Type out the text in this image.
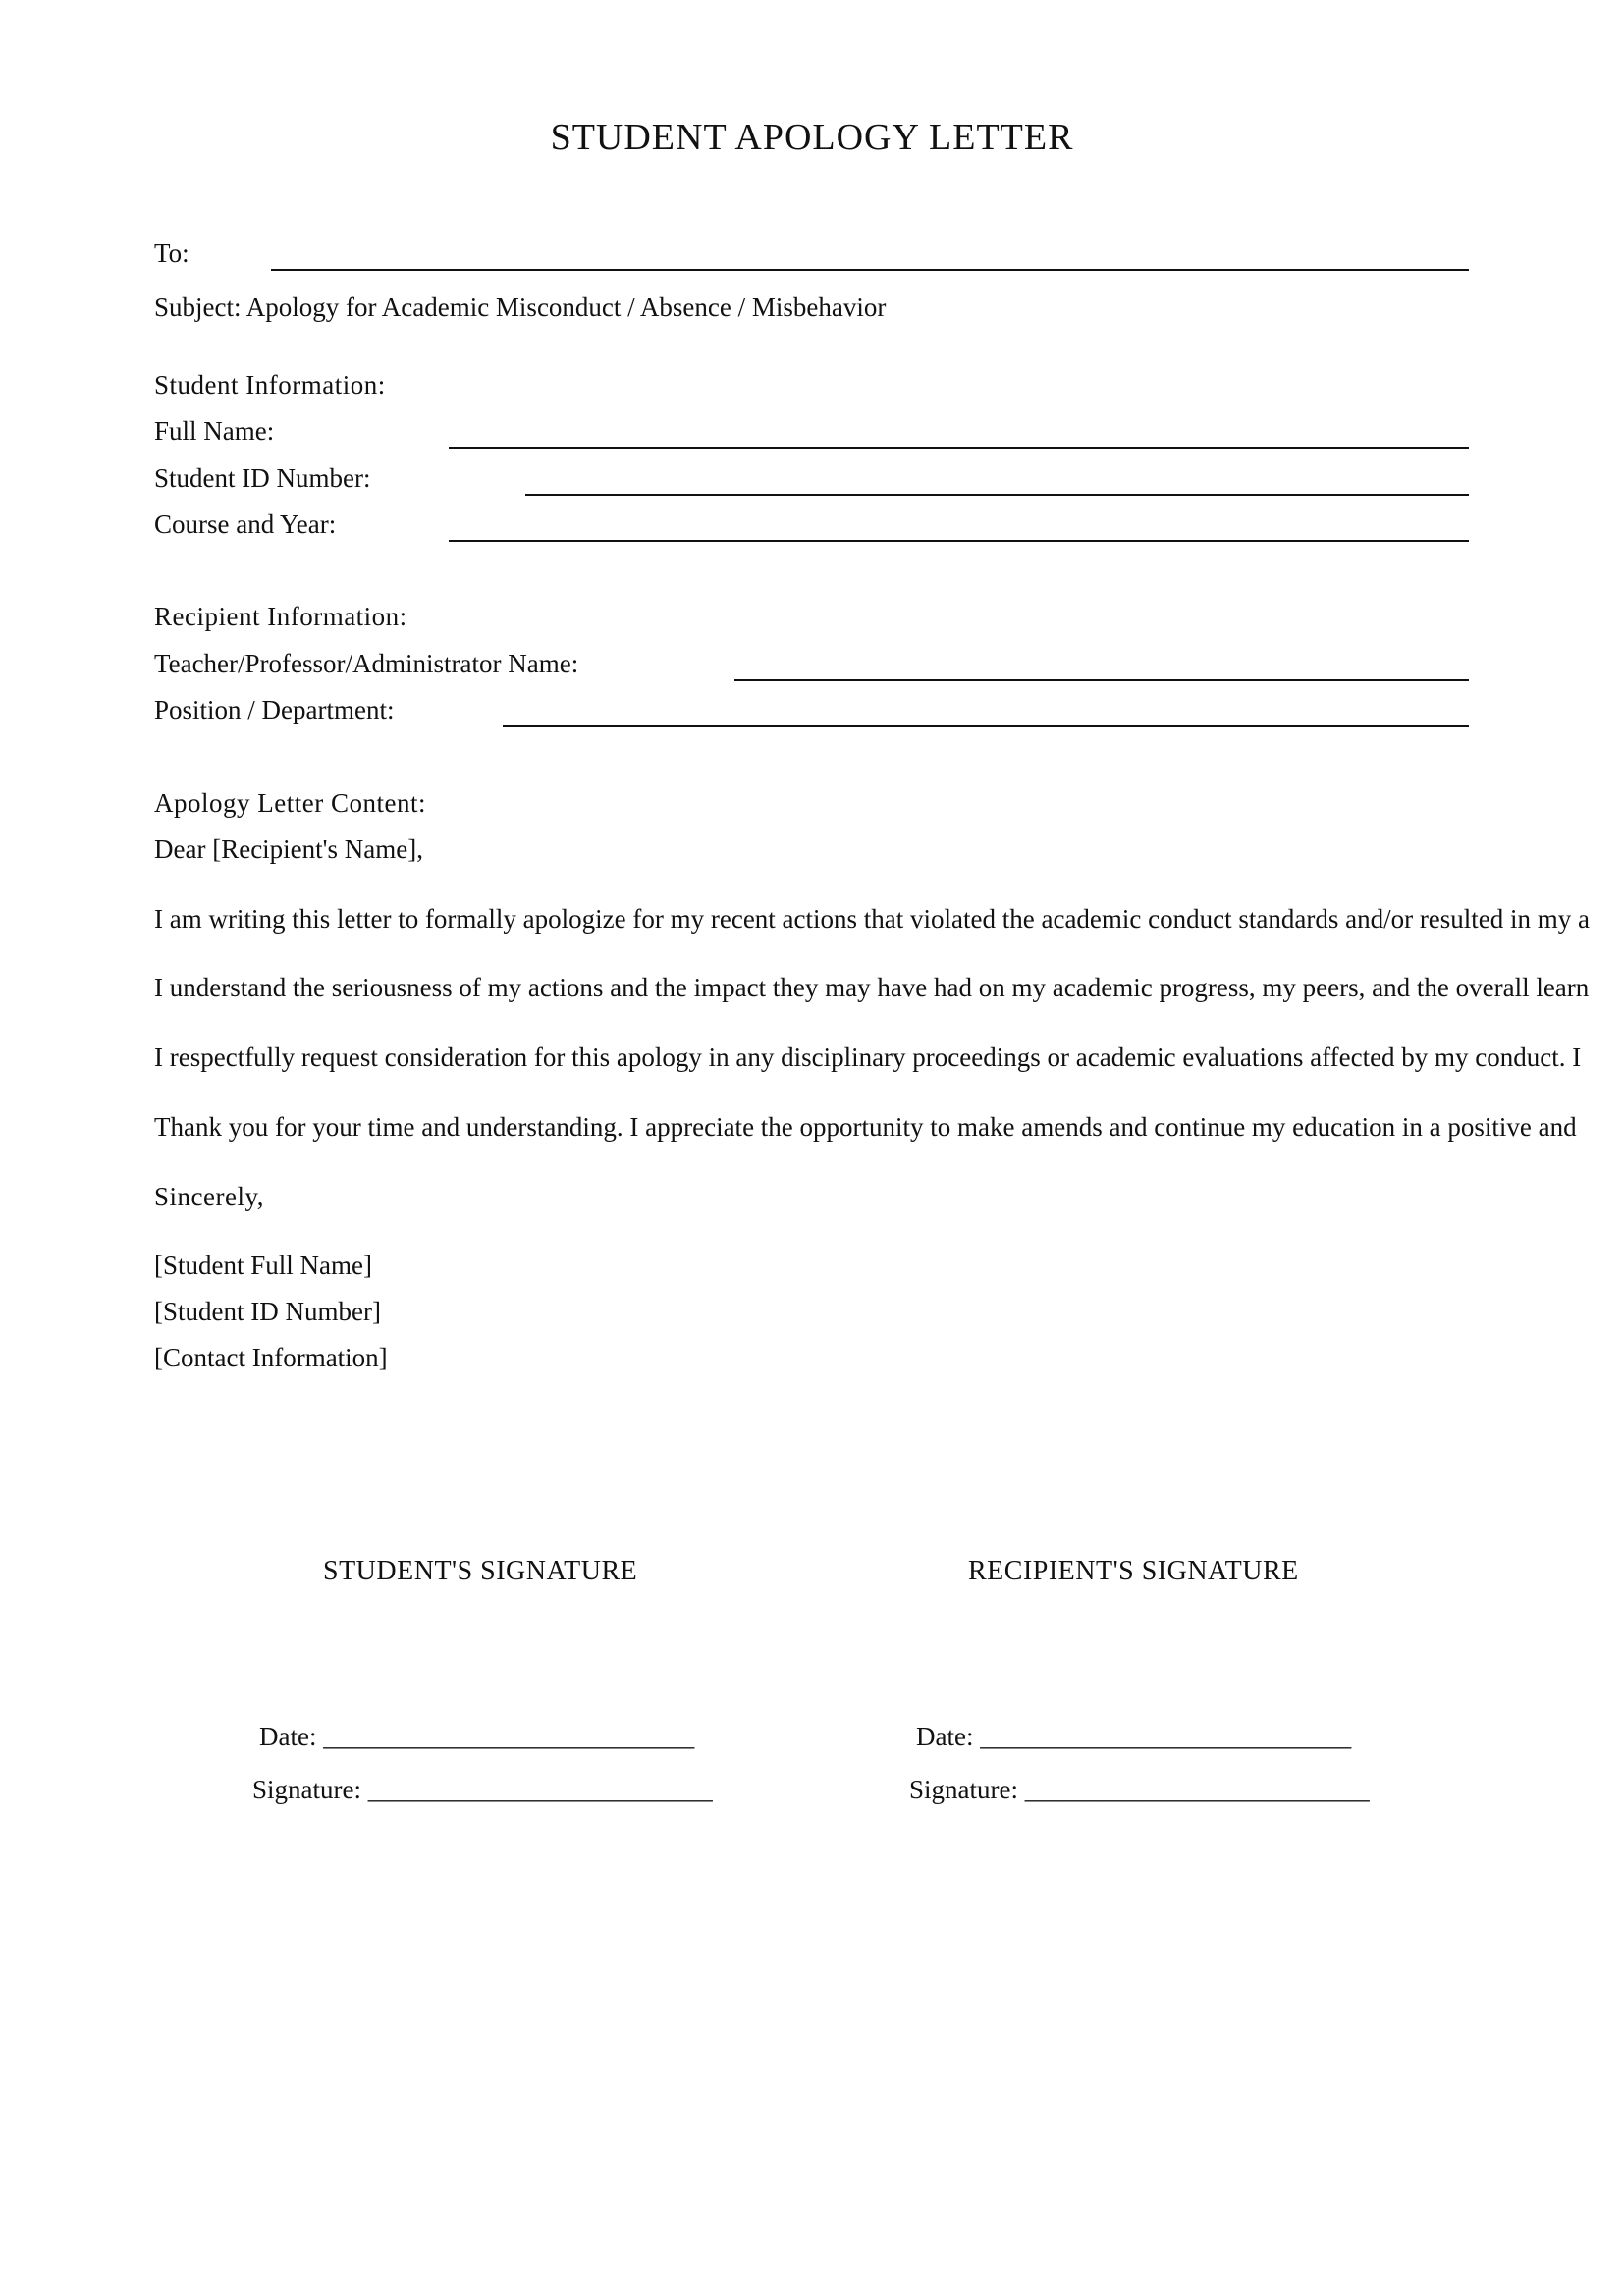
STUDENT APOLOGY LETTER
To:
Subject: Apology for Academic Misconduct / Absence / Misbehavior
Student Information:
Full Name:
Student ID Number:
Course and Year:
Recipient Information:
Teacher/Professor/Administrator Name:
Position / Department:
Apology Letter Content:
Dear [Recipient's Name],
I am writing this letter to formally apologize for my recent actions that violated the academic conduct standards and/or resulted in my a
I understand the seriousness of my actions and the impact they may have had on my academic progress, my peers, and the overall learn
I respectfully request consideration for this apology in any disciplinary proceedings or academic evaluations affected by my conduct. I
Thank you for your time and understanding. I appreciate the opportunity to make amends and continue my education in a positive and
Sincerely,
[Student Full Name]
[Student ID Number]
[Contact Information]
STUDENT'S SIGNATURE	RECIPIENT'S SIGNATURE
Date: ____________________________	Date: ____________________________
Signature: __________________________	Signature: __________________________
